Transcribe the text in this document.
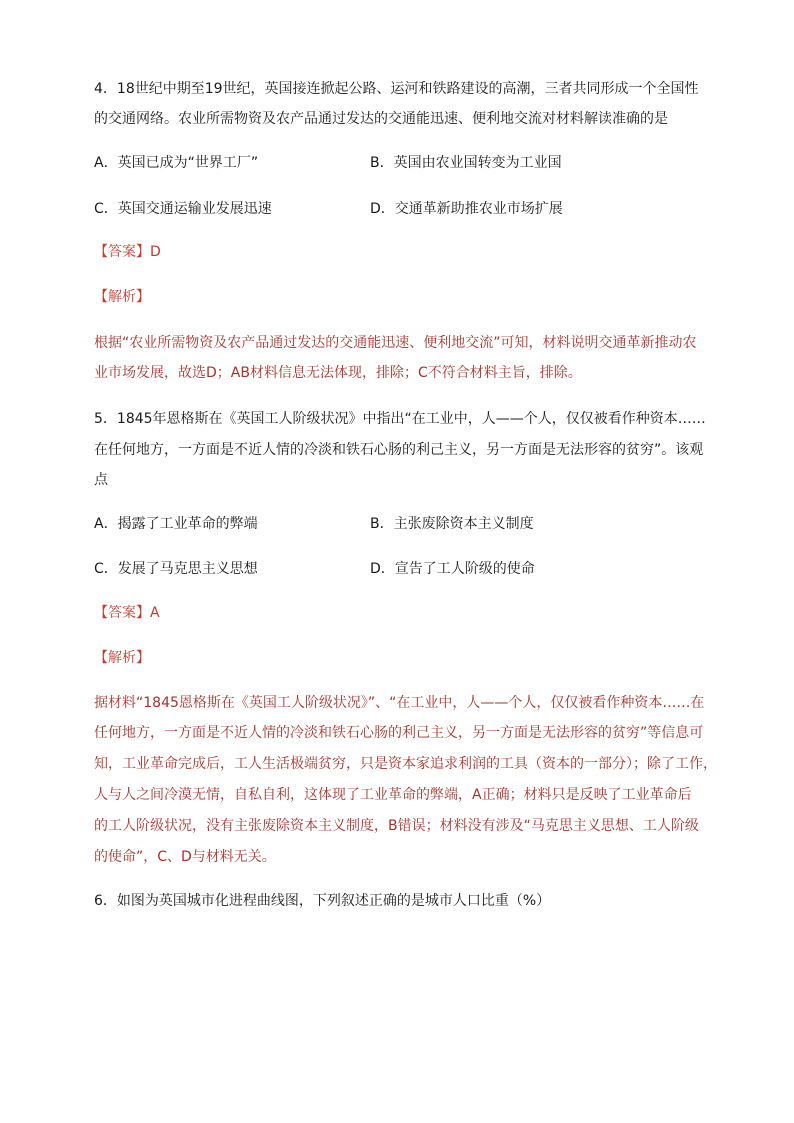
4．18世纪中期至19世纪，英国接连掀起公路、运河和铁路建设的高潮，三者共同形成一个全国性
的交通网络。农业所需物资及农产品通过发达的交通能迅速、便利地交流对材料解读准确的是
A．英国已成为“世界工厂”	B．英国由农业国转变为工业国
C．英国交通运输业发展迅速	D．交通革新助推农业市场扩展
【答案】D
【解析】
根据“农业所需物资及农产品通过发达的交通能迅速、便利地交流”可知，材料说明交通革新推动农
业市场发展，故选D；AB材料信息无法体现，排除；C不符合材料主旨，排除。
5．1845年恩格斯在《英国工人阶级状况》中指出“在工业中，人——个人，仅仅被看作种资本……
在任何地方，一方面是不近人情的冷淡和铁石心肠的利己主义，另一方面是无法形容的贫穷”。该观
点
A．揭露了工业革命的弊端	B．主张废除资本主义制度
C．发展了马克思主义思想	D．宣告了工人阶级的使命
【答案】A
【解析】
据材料“1845恩格斯在《英国工人阶级状况》”、“在工业中，人——个人，仅仅被看作种资本……在
任何地方，一方面是不近人情的冷淡和铁石心肠的利己主义，另一方面是无法形容的贫穷”等信息可
知，工业革命完成后，工人生活极端贫穷，只是资本家追求利润的工具（资本的一部分）；除了工作，
人与人之间冷漠无情，自私自利，这体现了工业革命的弊端，A正确；材料只是反映了工业革命后
的工人阶级状况，没有主张废除资本主义制度，B错误；材料没有涉及“马克思主义思想、工人阶级
的使命”，C、D与材料无关。
6．如图为英国城市化进程曲线图，下列叙述正确的是城市人口比重（%）
